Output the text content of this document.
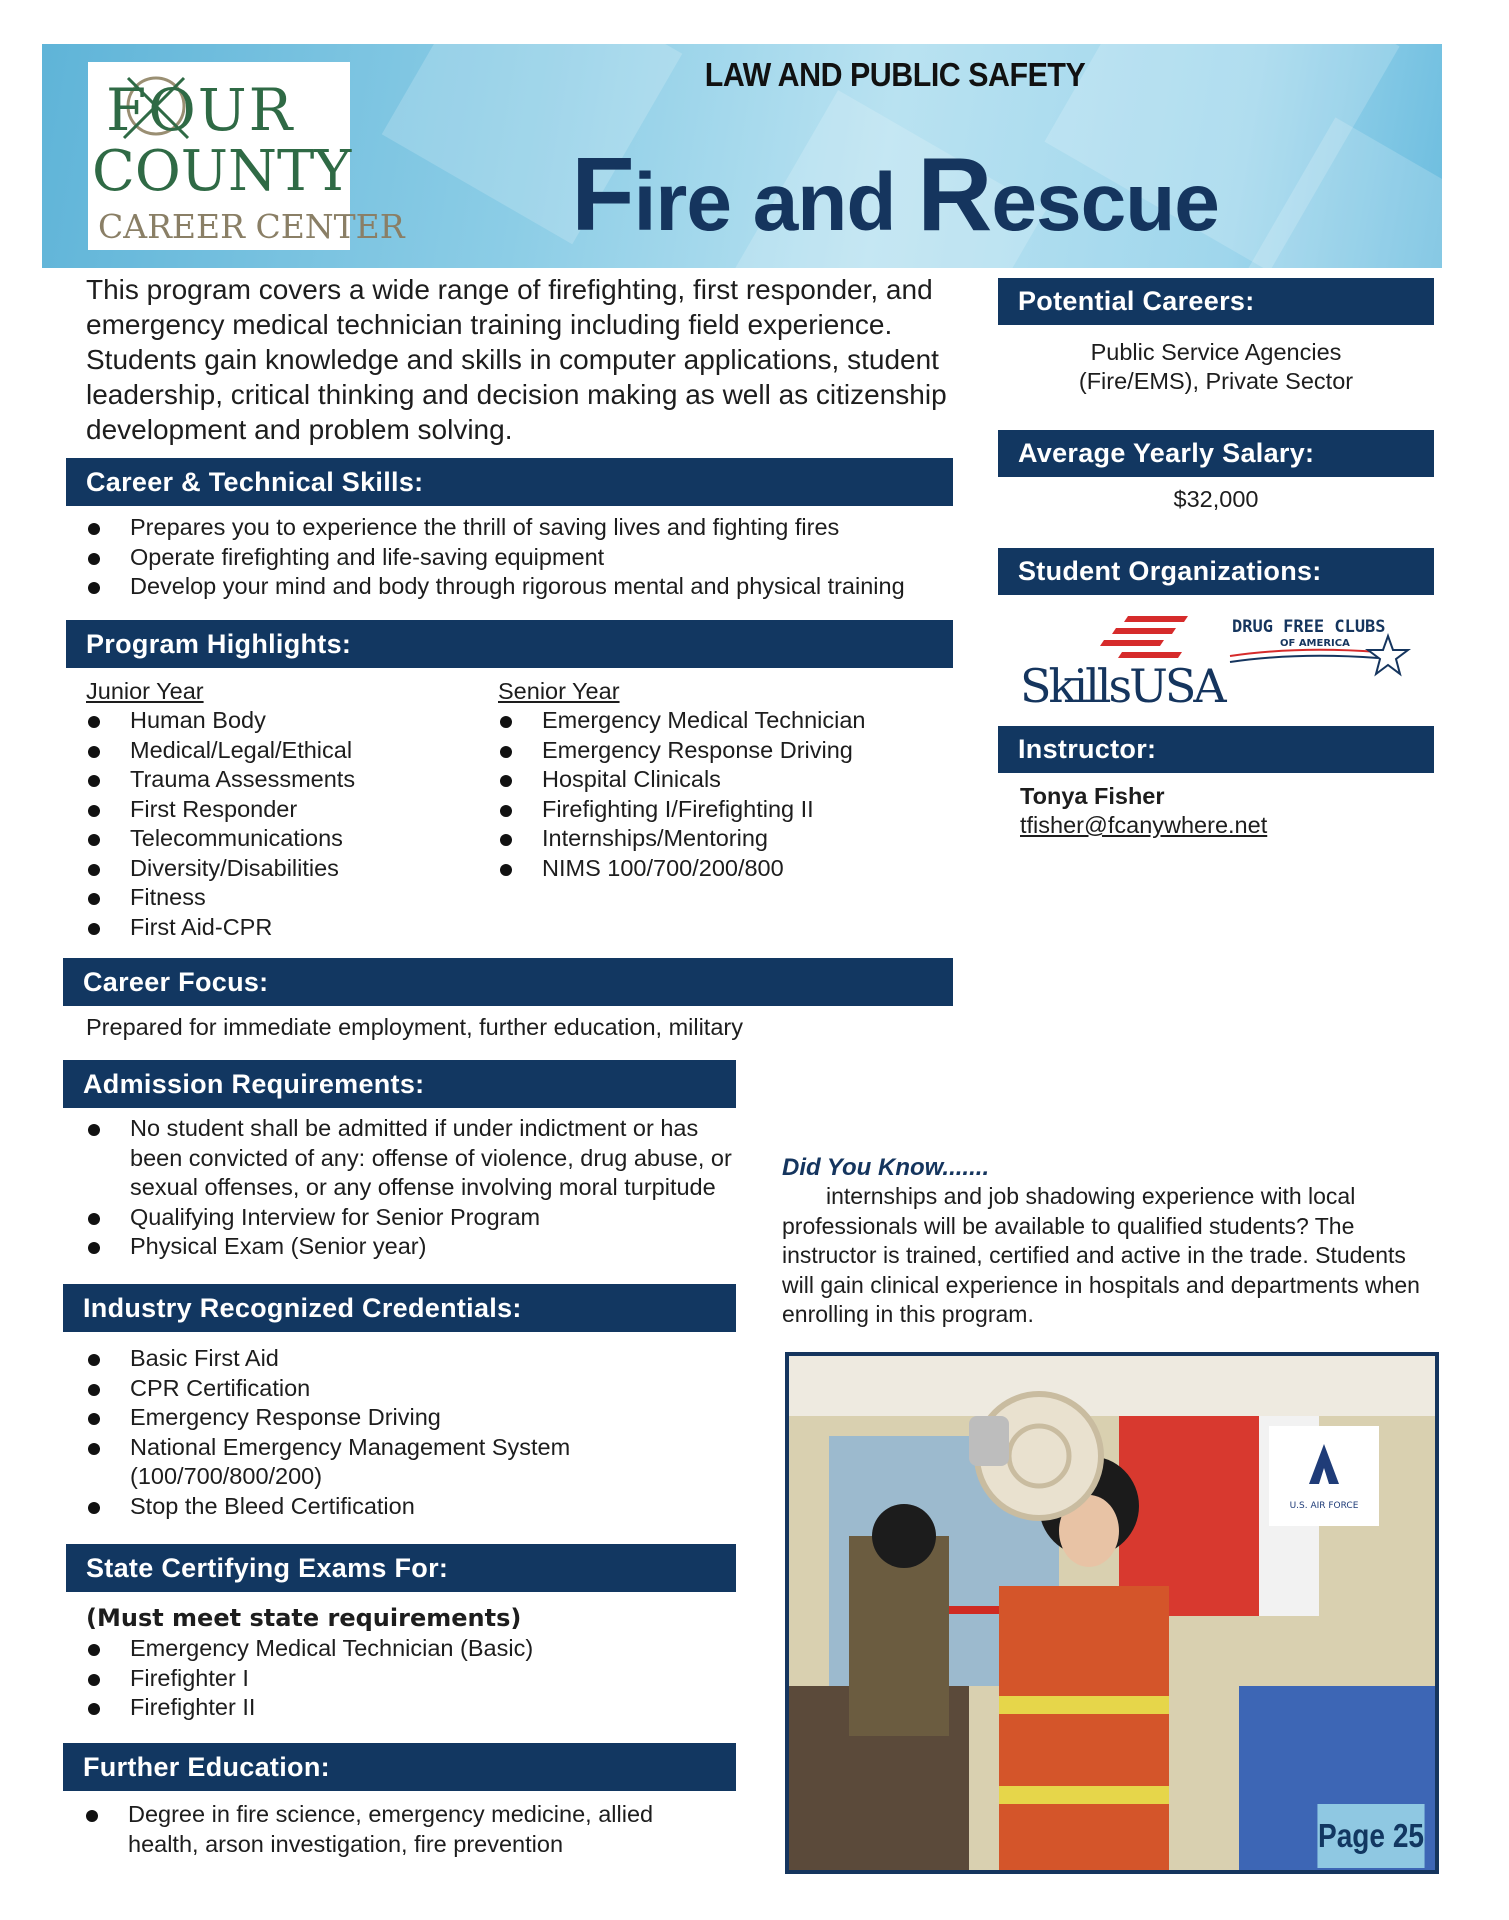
FOUR
COUNTY
CAREER CENTER
LAW AND PUBLIC SAFETY
Fire and Rescue
This program covers a wide range of firefighting, first responder, and emergency medical technician training including field experience. Students gain knowledge and skills in computer applications, student leadership, critical thinking and decision making as well as citizenship development and problem solving.
Career & Technical Skills:
Prepares you to experience the thrill of saving lives and fighting fires
Operate firefighting and life-saving equipment
Develop your mind and body through rigorous mental and physical training
Program Highlights:
Junior Year
Human Body
Medical/Legal/Ethical
Trauma Assessments
First Responder
Telecommunications
Diversity/Disabilities
Fitness
First Aid-CPR
Senior Year
Emergency Medical Technician
Emergency Response Driving
Hospital Clinicals
Firefighting I/Firefighting II
Internships/Mentoring
NIMS 100/700/200/800
Career Focus:
Prepared for immediate employment, further education, military
Admission Requirements:
No student shall be admitted if under indictment or has been convicted of any: offense of violence, drug abuse, or sexual offenses, or any offense involving moral turpitude
Qualifying Interview for Senior Program
Physical Exam (Senior year)
Industry Recognized Credentials:
Basic First Aid
CPR Certification
Emergency Response Driving
National Emergency Management System (100/700/800/200)
Stop the Bleed Certification
State Certifying Exams For:
(Must meet state requirements)
Emergency Medical Technician (Basic)
Firefighter I
Firefighter II
Further Education:
Degree in fire science, emergency medicine, allied health, arson investigation, fire prevention
Potential Careers:
Public Service Agencies
(Fire/EMS), Private Sector
Average Yearly Salary:
$32,000
Student Organizations:
SkillsUSA
DRUG FREE CLUBS
OF AMERICA
Instructor:
Tonya Fisher
tfisher@fcanywhere.net
Did You Know.......
internships and job shadowing experience with local professionals will be available to qualified students? The instructor is trained, certified and active in the trade. Students will gain clinical experience in hospitals and departments when enrolling in this program.
U.S. AIR FORCE
Page 25
